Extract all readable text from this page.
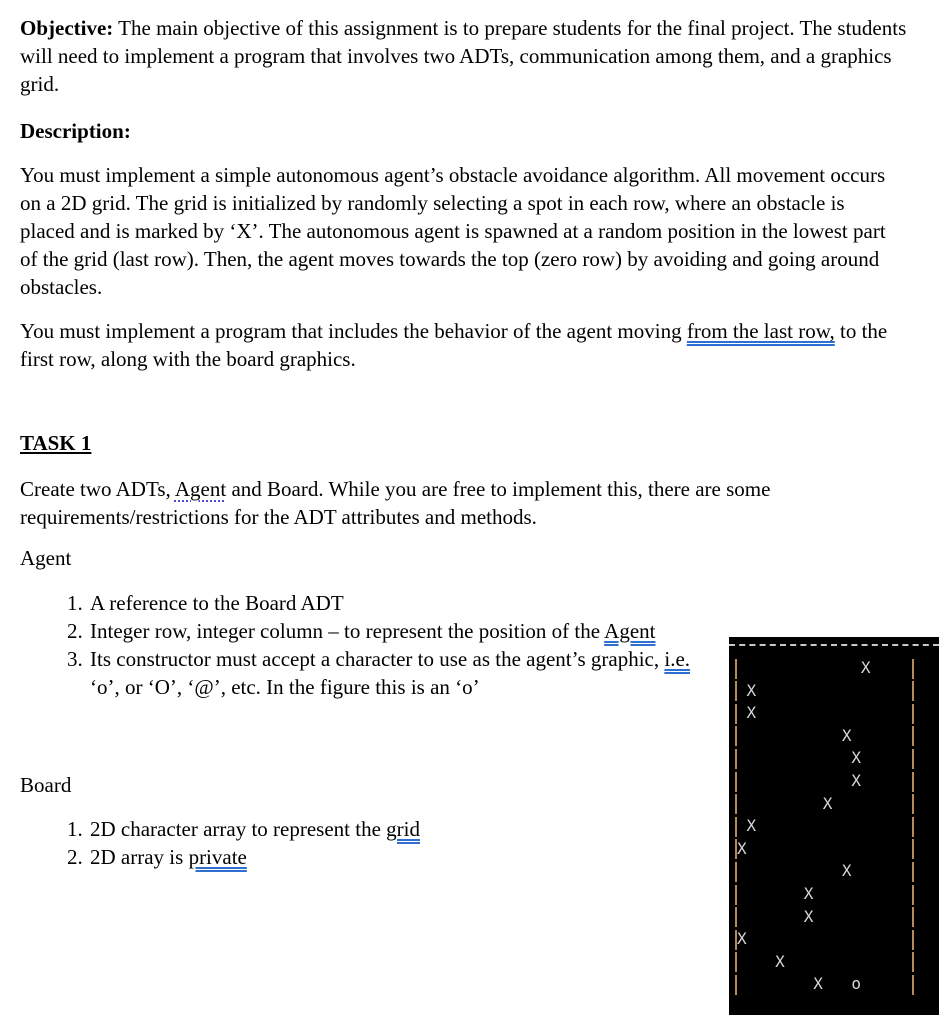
Objective: The main objective of this assignment is to prepare students for the final project. The students will need to implement a program that involves two ADTs, communication among them, and a graphics grid.

Description:

You must implement a simple autonomous agent’s obstacle avoidance algorithm. All movement occurs on a 2D grid. The grid is initialized by randomly selecting a spot in each row, where an obstacle is placed and is marked by ‘X’. The autonomous agent is spawned at a random position in the lowest part of the grid (last row). Then, the agent moves towards the top (zero row) by avoiding and going around obstacles.

You must implement a program that includes the behavior of the agent moving from the last row, to the first row, along with the board graphics.

TASK 1

Create two ADTs, Agent and Board. While you are free to implement this, there are some requirements/restrictions for the ADT attributes and methods.

Agent

1. A reference to the Board ADT
2. Integer row, integer column – to represent the position of the Agent
3. Its constructor must accept a character to use as the agent’s graphic, i.e. ‘o’, or ‘O’, ‘@’, etc. In the figure this is an ‘o’

Board

1. 2D character array to represent the grid
2. 2D array is private
X
X
X
X
X
X
X
X
X
X
X
X
X
X
X   o
